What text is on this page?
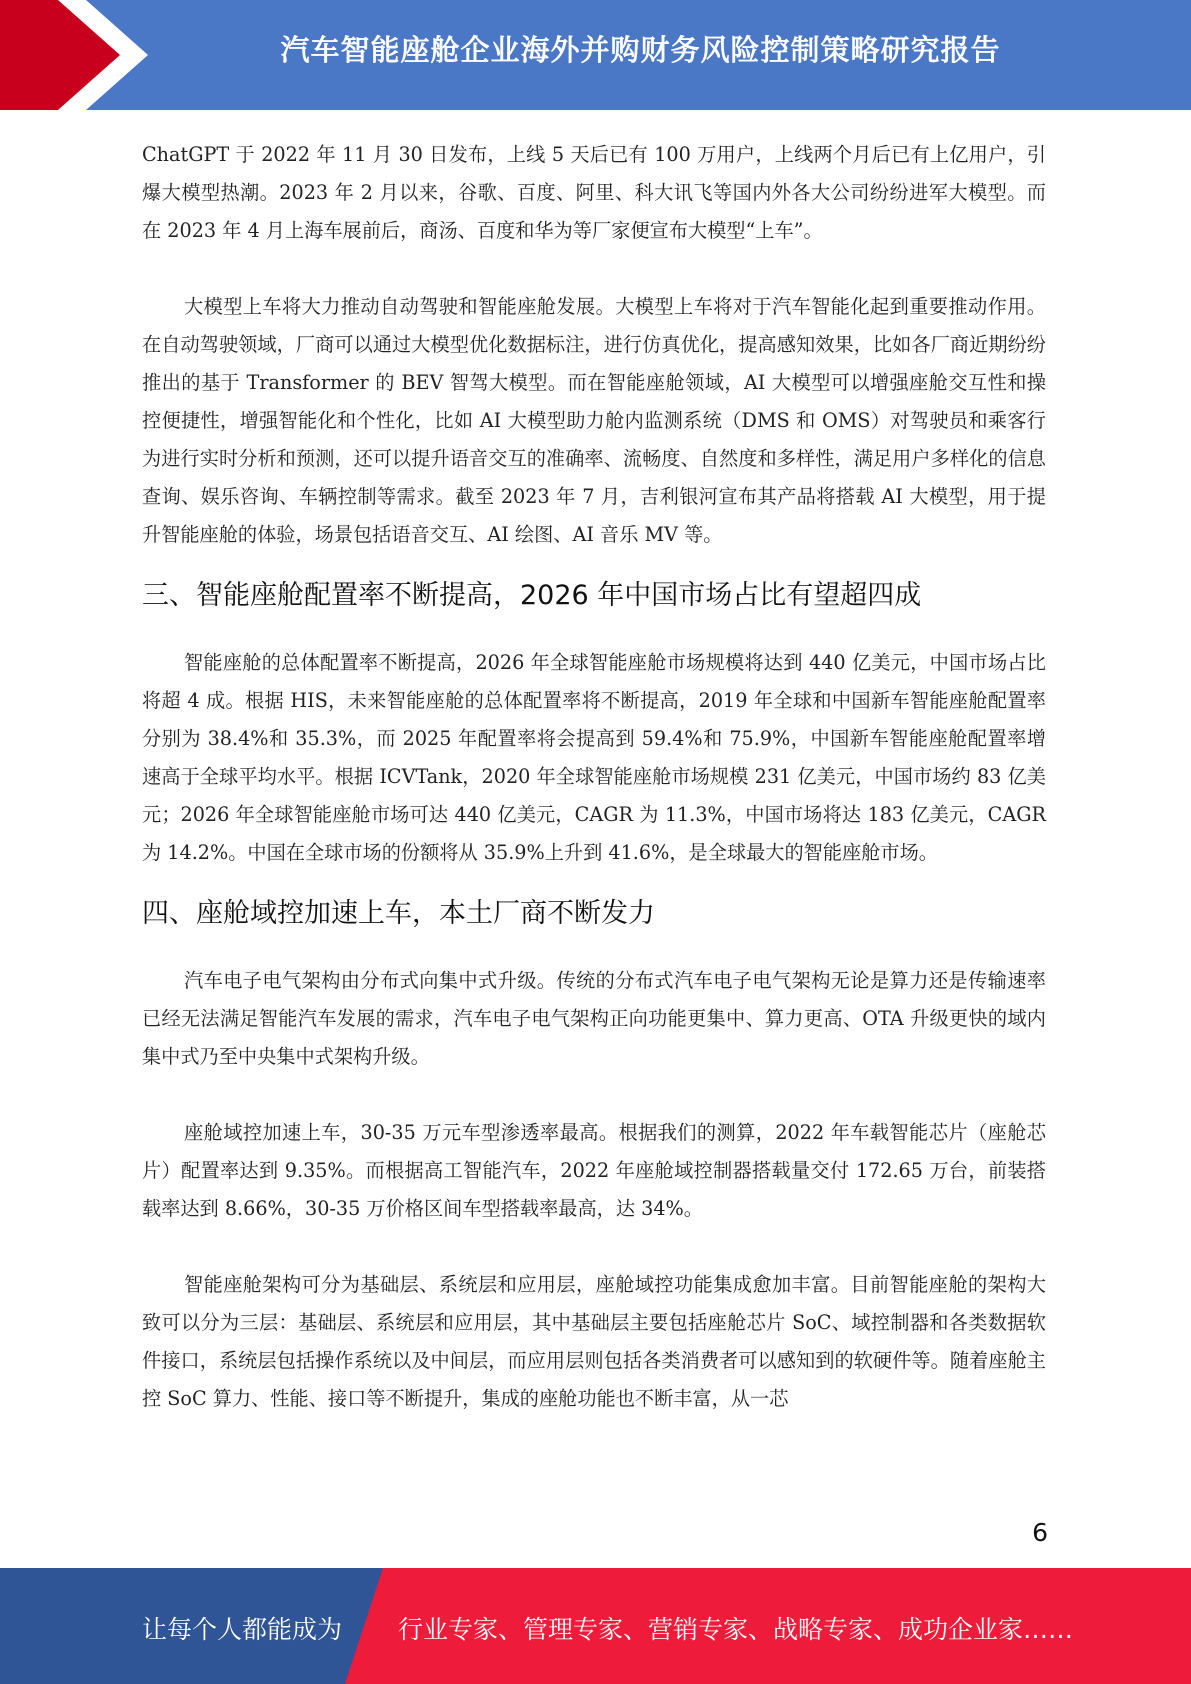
汽车智能座舱企业海外并购财务风险控制策略研究报告

ChatGPT 于 2022 年 11 月 30 日发布，上线 5 天后已有 100 万用户，上线两个月后已有上亿用户，引爆大模型热潮。2023 年 2 月以来，谷歌、百度、阿里、科大讯飞等国内外各大公司纷纷进军大模型。而在 2023 年 4 月上海车展前后，商汤、百度和华为等厂家便宣布大模型“上车”。

大模型上车将大力推动自动驾驶和智能座舱发展。大模型上车将对于汽车智能化起到重要推动作用。在自动驾驶领域，厂商可以通过大模型优化数据标注，进行仿真优化，提高感知效果，比如各厂商近期纷纷推出的基于 Transformer 的 BEV 智驾大模型。而在智能座舱领域，AI 大模型可以增强座舱交互性和操控便捷性，增强智能化和个性化，比如 AI 大模型助力舱内监测系统（DMS 和 OMS）对驾驶员和乘客行为进行实时分析和预测，还可以提升语音交互的准确率、流畅度、自然度和多样性，满足用户多样化的信息查询、娱乐咨询、车辆控制等需求。截至 2023 年 7 月，吉利银河宣布其产品将搭载 AI 大模型，用于提升智能座舱的体验，场景包括语音交互、AI 绘图、AI 音乐 MV 等。

三、智能座舱配置率不断提高，2026 年中国市场占比有望超四成

智能座舱的总体配置率不断提高，2026 年全球智能座舱市场规模将达到 440 亿美元，中国市场占比将超 4 成。根据 HIS，未来智能座舱的总体配置率将不断提高，2019 年全球和中国新车智能座舱配置率分别为 38.4%和 35.3%，而 2025 年配置率将会提高到 59.4%和 75.9%，中国新车智能座舱配置率增速高于全球平均水平。根据 ICVTank，2020 年全球智能座舱市场规模 231 亿美元，中国市场约 83 亿美元；2026 年全球智能座舱市场可达 440 亿美元，CAGR 为 11.3%，中国市场将达 183 亿美元，CAGR 为 14.2%。中国在全球市场的份额将从 35.9%上升到 41.6%，是全球最大的智能座舱市场。

四、座舱域控加速上车，本土厂商不断发力

汽车电子电气架构由分布式向集中式升级。传统的分布式汽车电子电气架构无论是算力还是传输速率已经无法满足智能汽车发展的需求，汽车电子电气架构正向功能更集中、算力更高、OTA 升级更快的域内集中式乃至中央集中式架构升级。

座舱域控加速上车，30-35 万元车型渗透率最高。根据我们的测算，2022 年车载智能芯片（座舱芯片）配置率达到 9.35%。而根据高工智能汽车，2022 年座舱域控制器搭载量交付 172.65 万台，前装搭载率达到 8.66%，30-35 万价格区间车型搭载率最高，达 34%。

智能座舱架构可分为基础层、系统层和应用层，座舱域控功能集成愈加丰富。目前智能座舱的架构大致可以分为三层：基础层、系统层和应用层，其中基础层主要包括座舱芯片 SoC、域控制器和各类数据软件接口，系统层包括操作系统以及中间层，而应用层则包括各类消费者可以感知到的软硬件等。随着座舱主控 SoC 算力、性能、接口等不断提升，集成的座舱功能也不断丰富，从一芯

6
让每个人都能成为 行业专家、管理专家、营销专家、战略专家、成功企业家……
